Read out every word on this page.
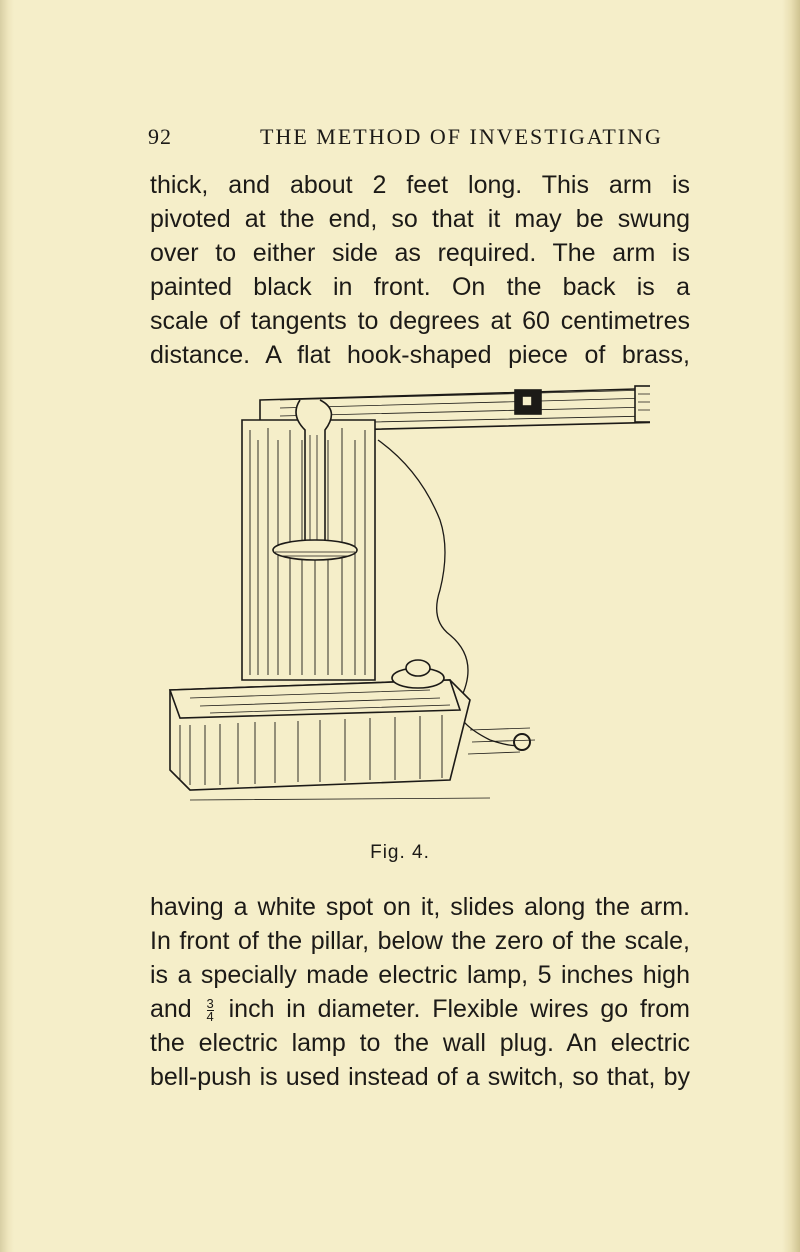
92	THE METHOD OF INVESTIGATING

thick, and about 2 feet long. This arm is
pivoted at the end, so that it may be swung
over to either side as required. The arm is
painted black in front. On the back is a
scale of tangents to degrees at 60 centimetres
distance. A flat hook-shaped piece of brass,

Fig. 4.

having a white spot on it, slides along the arm.
In front of the pillar, below the zero of the scale,
is a specially made electric lamp, 5 inches high
and $\frac{3}{4}$ inch in diameter. Flexible wires go from
the electric lamp to the wall plug. An electric
bell-push is used instead of a switch, so that, by
